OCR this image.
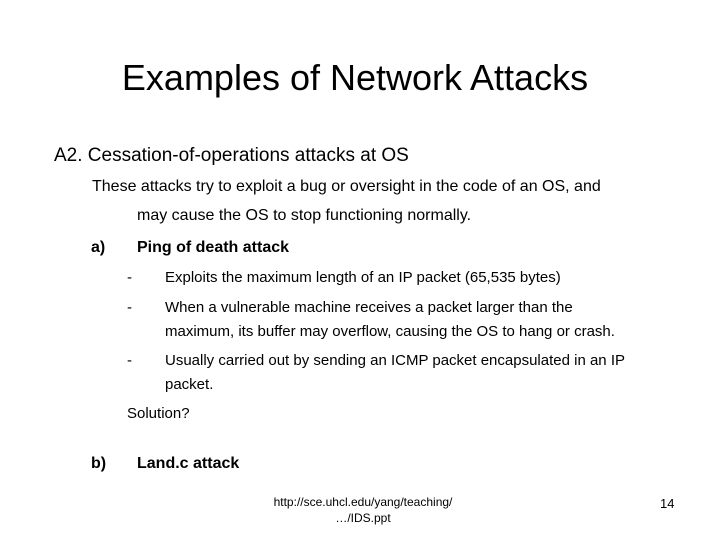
Examples of Network Attacks
A2. Cessation-of-operations attacks at OS
These attacks try to exploit a bug or oversight in the code of an OS, and
may cause the OS to stop functioning normally.
a) Ping of death attack
- Exploits the maximum length of an IP packet (65,535 bytes)
- When a vulnerable machine receives a packet larger than the
maximum, its buffer may overflow, causing the OS to hang or crash.
- Usually carried out by sending an ICMP packet encapsulated in an IP
packet.
Solution?
b) Land.c attack
http://sce.uhcl.edu/yang/teaching/ …/IDS.ppt
14
